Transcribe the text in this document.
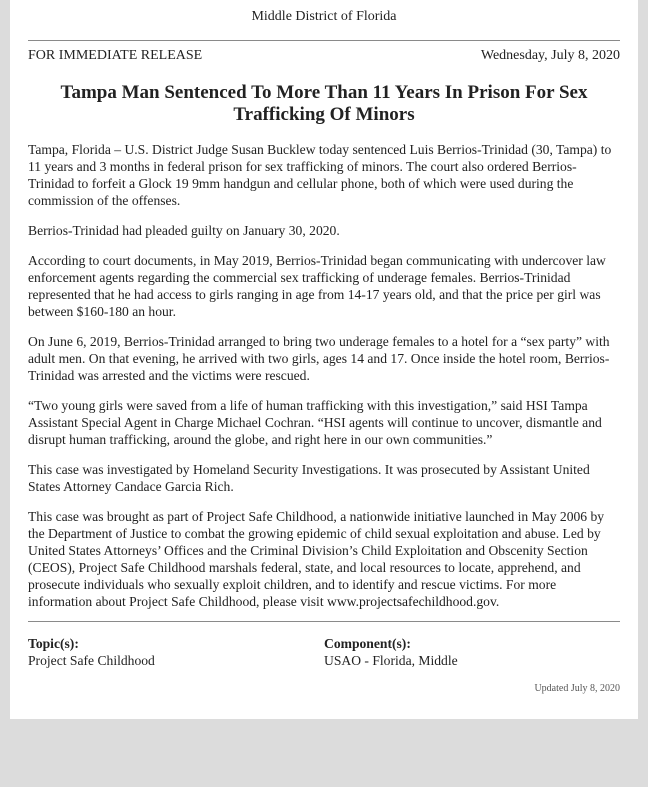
Middle District of Florida
FOR IMMEDIATE RELEASE	Wednesday, July 8, 2020
Tampa Man Sentenced To More Than 11 Years In Prison For Sex Trafficking Of Minors

Tampa, Florida – U.S. District Judge Susan Bucklew today sentenced Luis Berrios-Trinidad (30, Tampa) to 11 years and 3 months in federal prison for sex trafficking of minors. The court also ordered Berrios-Trinidad to forfeit a Glock 19 9mm handgun and cellular phone, both of which were used during the commission of the offenses.

Berrios-Trinidad had pleaded guilty on January 30, 2020.

According to court documents, in May 2019, Berrios-Trinidad began communicating with undercover law enforcement agents regarding the commercial sex trafficking of underage females. Berrios-Trinidad represented that he had access to girls ranging in age from 14-17 years old, and that the price per girl was between $160-180 an hour.

On June 6, 2019, Berrios-Trinidad arranged to bring two underage females to a hotel for a “sex party” with adult men. On that evening, he arrived with two girls, ages 14 and 17. Once inside the hotel room, Berrios-Trinidad was arrested and the victims were rescued.

“Two young girls were saved from a life of human trafficking with this investigation,” said HSI Tampa Assistant Special Agent in Charge Michael Cochran. “HSI agents will continue to uncover, dismantle and disrupt human trafficking, around the globe, and right here in our own communities.”

This case was investigated by Homeland Security Investigations. It was prosecuted by Assistant United States Attorney Candace Garcia Rich.

This case was brought as part of Project Safe Childhood, a nationwide initiative launched in May 2006 by the Department of Justice to combat the growing epidemic of child sexual exploitation and abuse. Led by United States Attorneys’ Offices and the Criminal Division’s Child Exploitation and Obscenity Section (CEOS), Project Safe Childhood marshals federal, state, and local resources to locate, apprehend, and prosecute individuals who sexually exploit children, and to identify and rescue victims. For more information about Project Safe Childhood, please visit www.projectsafechildhood.gov.

Topic(s):
Project Safe Childhood
Component(s):
USAO - Florida, Middle
Updated July 8, 2020
